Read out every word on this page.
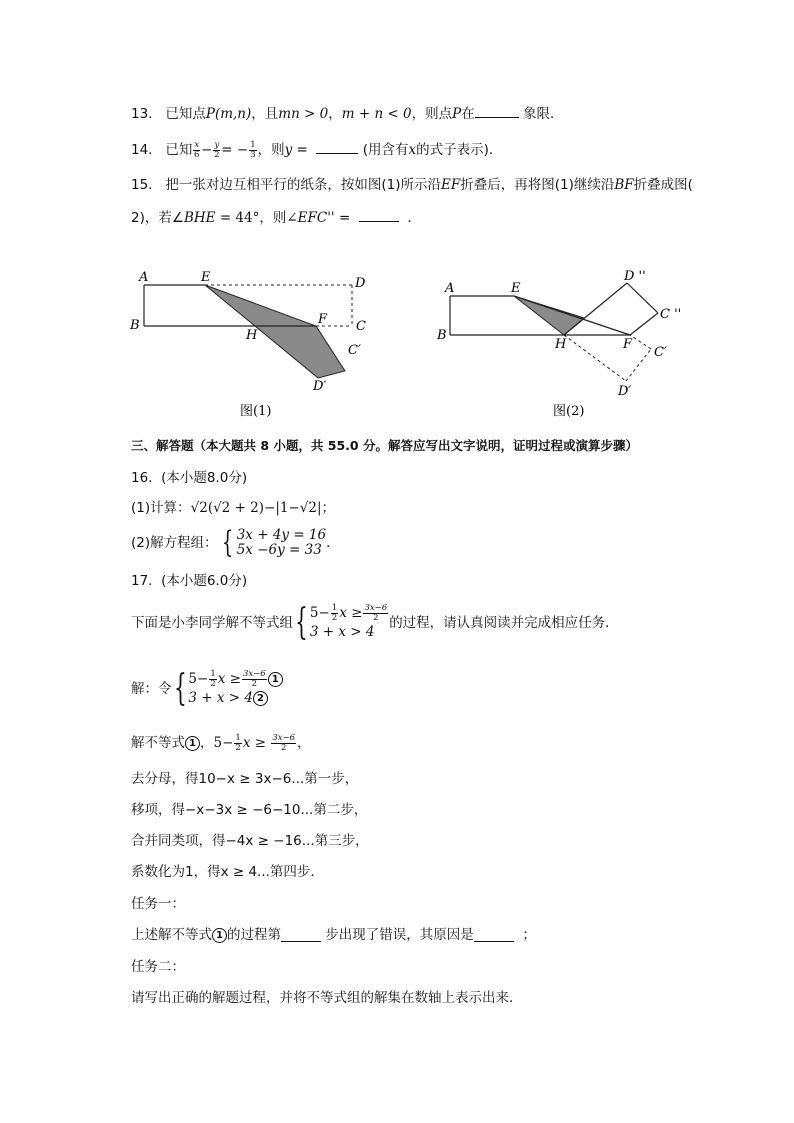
13. 已知点P(m,n)，且mn > 0，m + n < 0，则点P在	象限．
14. 已知 $\frac{x}{6} - \frac{y}{2}$ = − $\frac{1}{3}$ ，则y =	(用含有x的式子表示)．
15. 把一张对边互相平行的纸条，按如图(1)所示沿EF折叠后，再将图(1)继续沿BF折叠成图(
2)，若∠BHE = 44°，则∠EFC'' =	．
A	E	D
B
H
F C
C′
D′
图(1)
A	E
D ''
C ''
B
H	F
C′
D′
图(2)
三、解答题（本大题共 8 小题，共 55.0 分。解答应写出文字说明，证明过程或演算步骤）
16. (本小题8.0分)
(1)计算：√2(√2 + 2)−|1−√2|；
(2)解方程组： { 3x + 4y = 16
5x −6y = 33 ．
17. (本小题6.0分)
下面是小李同学解不等式组 { $5- \frac{1}{2}$ $x \ge \frac{3x-6}{2}$
3 + x > 4
的过程，请认真阅读并完成相应任务．
解：令 { $5- \frac{1}{2}$ $x \ge \frac{3x-6}{2} 1$
3 + x > 4 2
解不等式 1 ， $5- \frac{1}{2}$ x ≥
$\frac{3x-6}{2}$ ，
去分母，得10−x ≥ 3x−6...第一步，
移项，得−x−3x ≥ −6−10...第二步，
合并同类项，得−4x ≥ −16...第三步，
系数化为1，得x ≥ 4...第四步．
任务一：
上述解不等式 1 的过程第
	步出现了错误，其原因是
	；
任务二：
请写出正确的解题过程，并将不等式组的解集在数轴上表示出来．
